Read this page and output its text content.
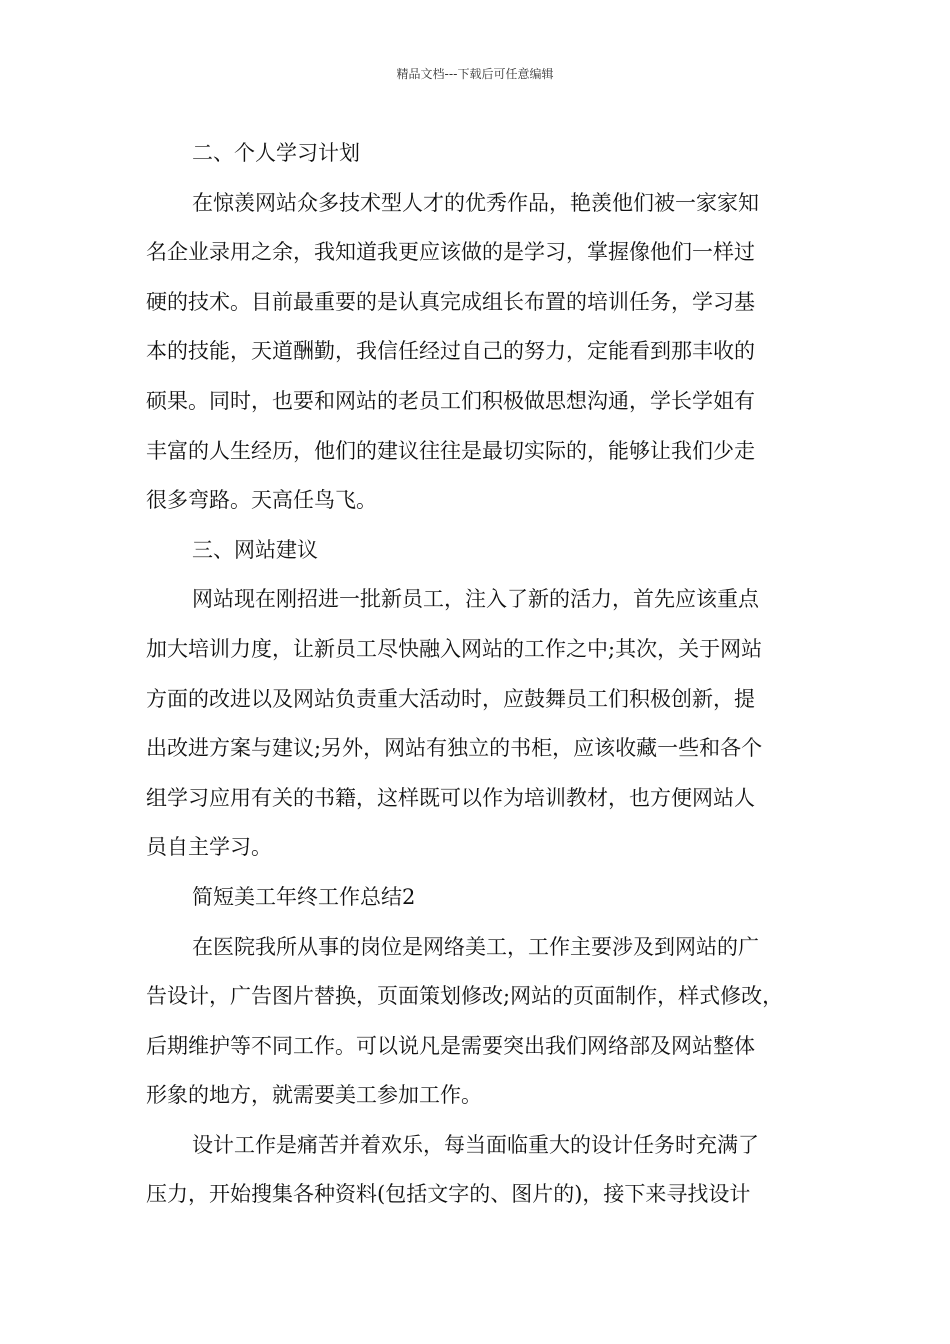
精品文档---下载后可任意编辑
二、个人学习计划
在惊羡网站众多技术型人才的优秀作品，艳羡他们被一家家知
名企业录用之余，我知道我更应该做的是学习，掌握像他们一样过
硬的技术。目前最重要的是认真完成组长布置的培训任务，学习基
本的技能，天道酬勤，我信任经过自己的努力，定能看到那丰收的
硕果。同时，也要和网站的老员工们积极做思想沟通，学长学姐有
丰富的人生经历，他们的建议往往是最切实际的，能够让我们少走
很多弯路。天高任鸟飞。
三、网站建议
网站现在刚招进一批新员工，注入了新的活力，首先应该重点
加大培训力度，让新员工尽快融入网站的工作之中;其次，关于网站
方面的改进以及网站负责重大活动时，应鼓舞员工们积极创新，提
出改进方案与建议;另外，网站有独立的书柜，应该收藏一些和各个
组学习应用有关的书籍，这样既可以作为培训教材，也方便网站人
员自主学习。
简短美工年终工作总结2
在医院我所从事的岗位是网络美工，工作主要涉及到网站的广
告设计，广告图片替换，页面策划修改;网站的页面制作，样式修改，
后期维护等不同工作。可以说凡是需要突出我们网络部及网站整体
形象的地方，就需要美工参加工作。
设计工作是痛苦并着欢乐，每当面临重大的设计任务时充满了
压力，开始搜集各种资料(包括文字的、图片的)，接下来寻找设计
